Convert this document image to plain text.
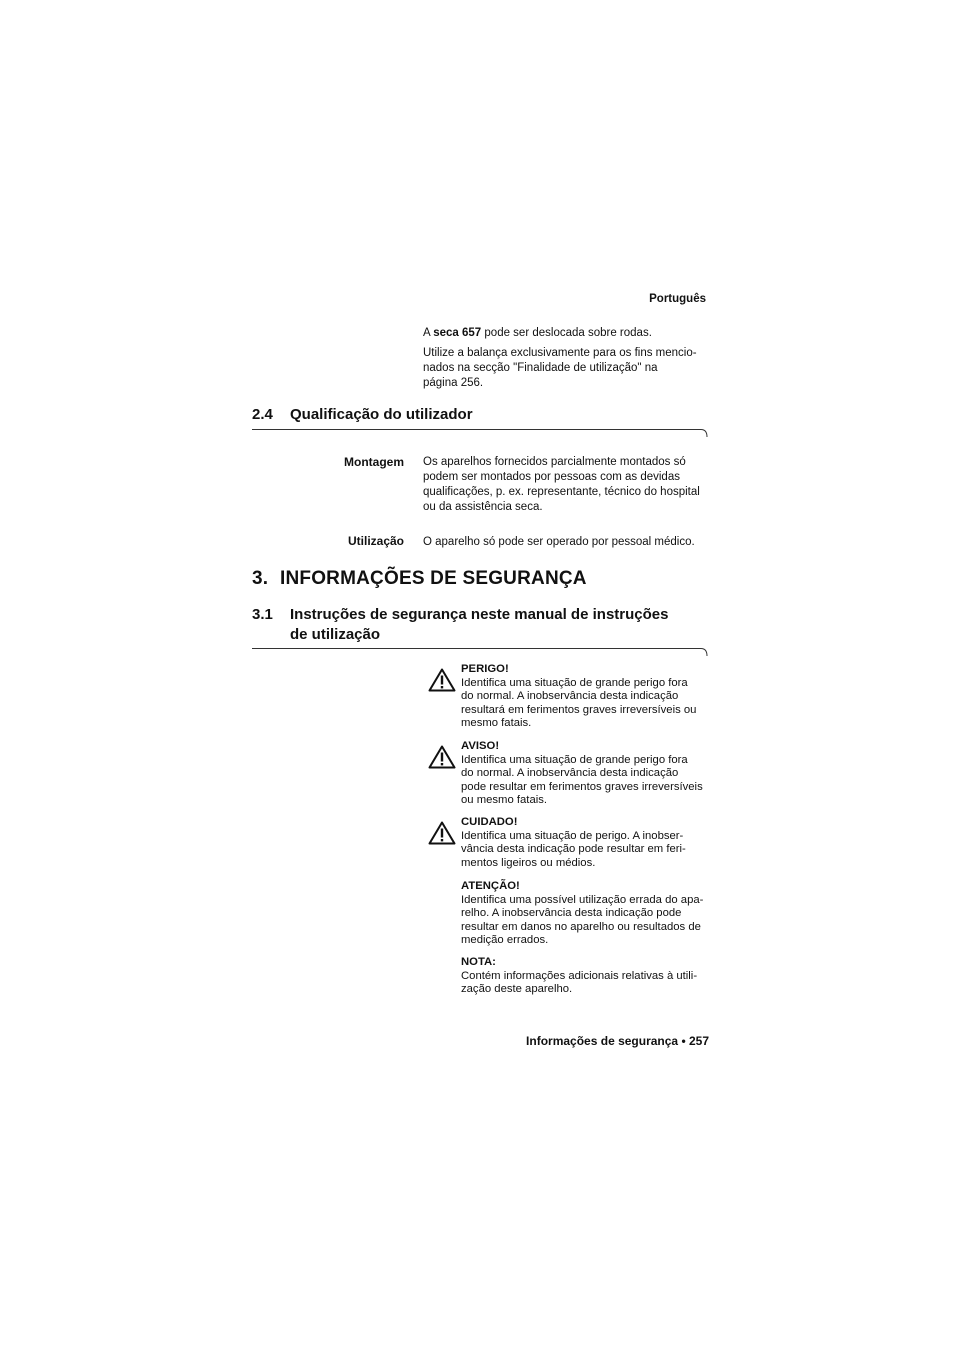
Português
A seca 657 pode ser deslocada sobre rodas.
Utilize a balança exclusivamente para os fins mencio-
nados na secção "Finalidade de utilização" na
página 256.
2.4 Qualificação do utilizador
Montagem Os aparelhos fornecidos parcialmente montados só
podem ser montados por pessoas com as devidas
qualificações, p. ex. representante, técnico do hospital
ou da assistência seca.
Utilização O aparelho só pode ser operado por pessoal médico.
3. INFORMAÇÕES DE SEGURANÇA
3.1 Instruções de segurança neste manual de instruções
de utilização
PERIGO!
Identifica uma situação de grande perigo fora
do normal. A inobservância desta indicação
resultará em ferimentos graves irreversíveis ou
mesmo fatais.
AVISO!
Identifica uma situação de grande perigo fora
do normal. A inobservância desta indicação
pode resultar em ferimentos graves irreversíveis
ou mesmo fatais.
CUIDADO!
Identifica uma situação de perigo. A inobser-
vância desta indicação pode resultar em feri-
mentos ligeiros ou médios.
ATENÇÃO!
Identifica uma possível utilização errada do apa-
relho. A inobservância desta indicação pode
resultar em danos no aparelho ou resultados de
medição errados.
NOTA:
Contém informações adicionais relativas à utili-
zação deste aparelho.
Informações de segurança • 257
